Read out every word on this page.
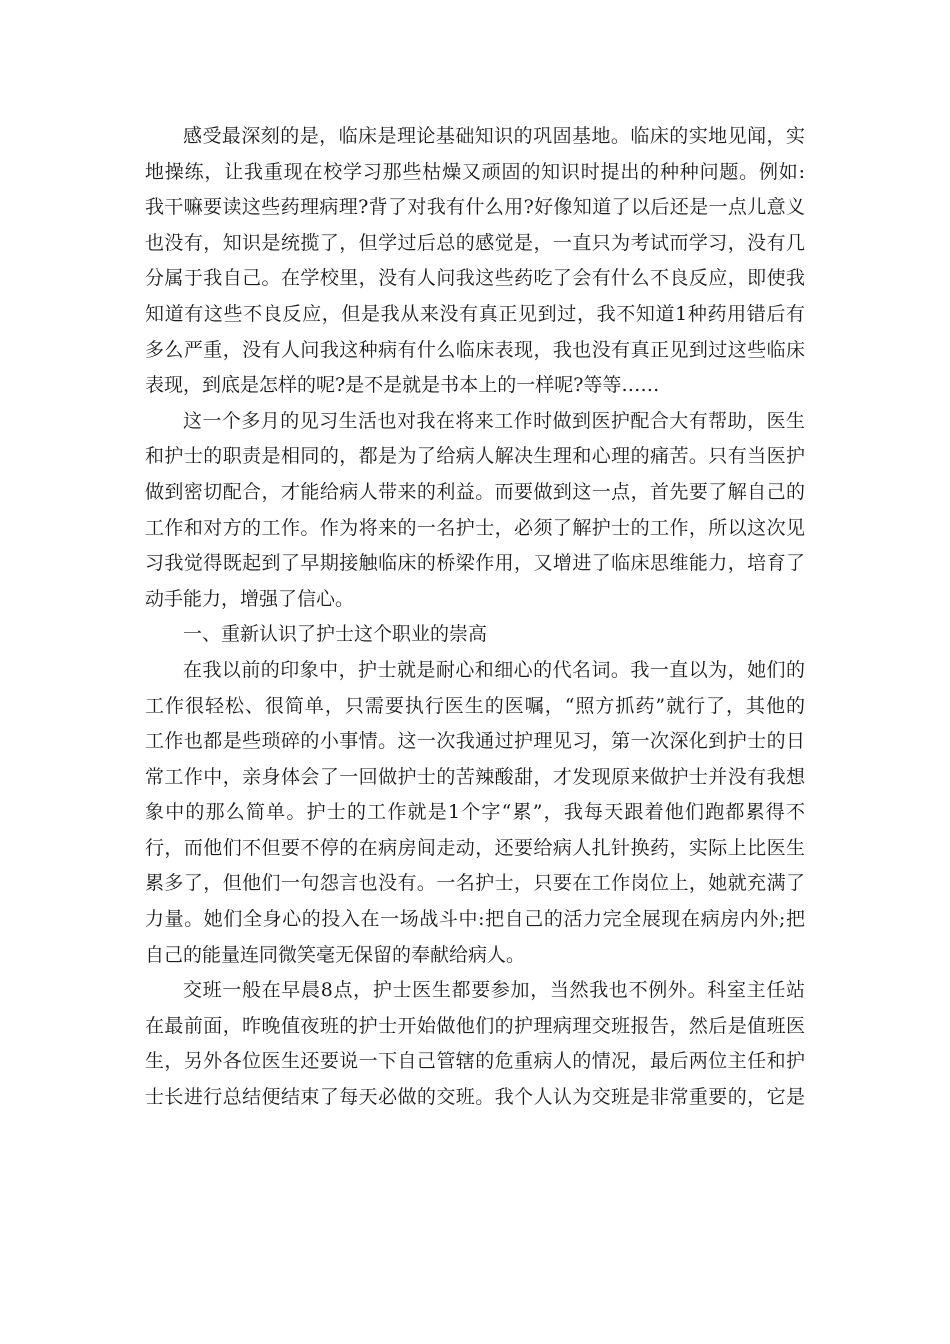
感受最深刻的是，临床是理论基础知识的巩固基地。临床的实地见闻，实
地操练，让我重现在校学习那些枯燥又顽固的知识时提出的种种问题。例如:
我干嘛要读这些药理病理?背了对我有什么用?好像知道了以后还是一点儿意义
也没有，知识是统揽了，但学过后总的感觉是，一直只为考试而学习，没有几
分属于我自己。在学校里，没有人问我这些药吃了会有什么不良反应，即使我
知道有这些不良反应，但是我从来没有真正见到过，我不知道1种药用错后有
多么严重，没有人问我这种病有什么临床表现，我也没有真正见到过这些临床
表现，到底是怎样的呢?是不是就是书本上的一样呢?等等……
这一个多月的见习生活也对我在将来工作时做到医护配合大有帮助，医生
和护士的职责是相同的，都是为了给病人解决生理和心理的痛苦。只有当医护
做到密切配合，才能给病人带来的利益。而要做到这一点，首先要了解自己的
工作和对方的工作。作为将来的一名护士，必须了解护士的工作，所以这次见
习我觉得既起到了早期接触临床的桥梁作用，又增进了临床思维能力，培育了
动手能力，增强了信心。
一、重新认识了护士这个职业的崇高
在我以前的印象中，护士就是耐心和细心的代名词。我一直以为，她们的
工作很轻松、很简单，只需要执行医生的医嘱，“照方抓药”就行了，其他的
工作也都是些琐碎的小事情。这一次我通过护理见习，第一次深化到护士的日
常工作中，亲身体会了一回做护士的苦辣酸甜，才发现原来做护士并没有我想
象中的那么简单。护士的工作就是1个字“累”，我每天跟着他们跑都累得不
行，而他们不但要不停的在病房间走动，还要给病人扎针换药，实际上比医生
累多了，但他们一句怨言也没有。一名护士，只要在工作岗位上，她就充满了
力量。她们全身心的投入在一场战斗中:把自己的活力完全展现在病房内外;把
自己的能量连同微笑毫无保留的奉献给病人。
交班一般在早晨8点，护士医生都要参加，当然我也不例外。科室主任站
在最前面，昨晚值夜班的护士开始做他们的护理病理交班报告，然后是值班医
生，另外各位医生还要说一下自己管辖的危重病人的情况，最后两位主任和护
士长进行总结便结束了每天必做的交班。我个人认为交班是非常重要的，它是
